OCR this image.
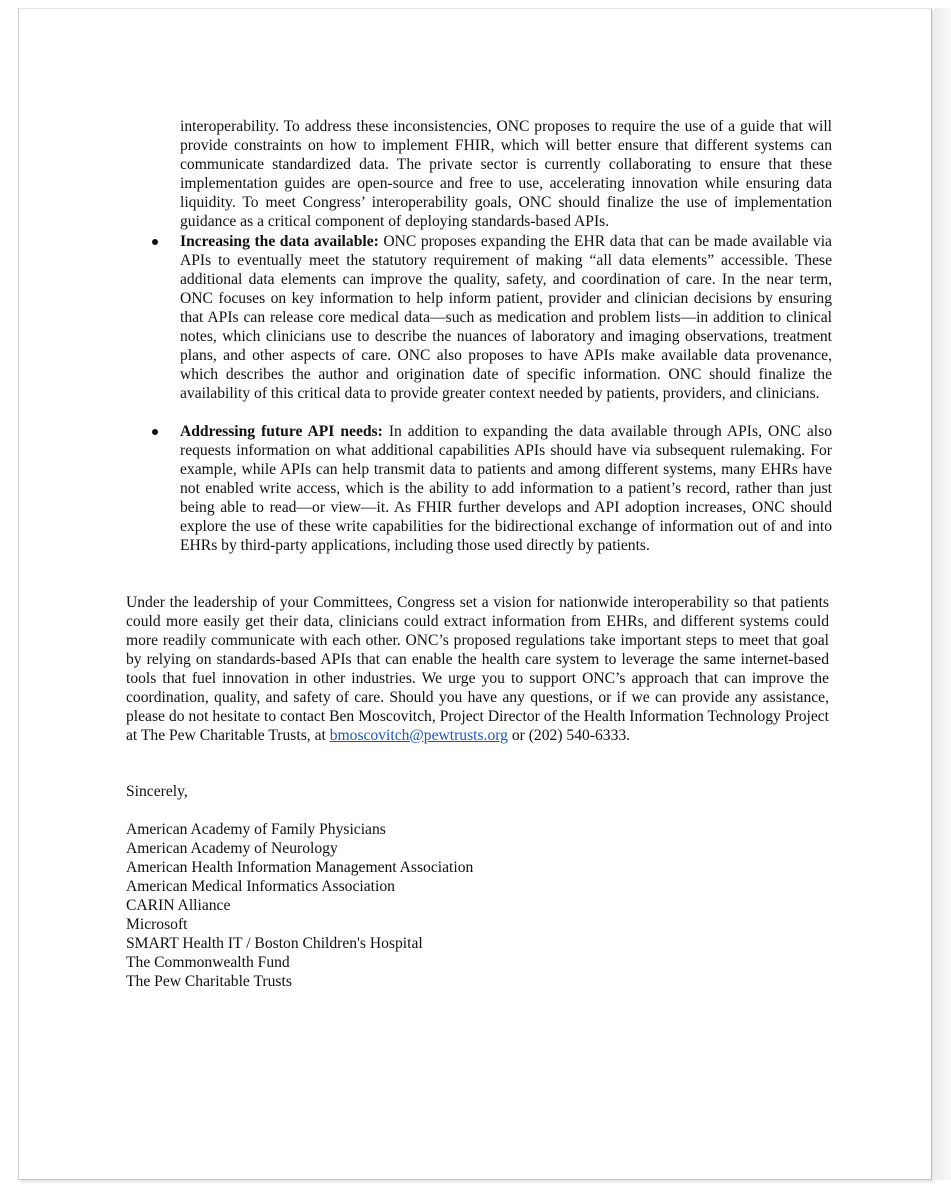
interoperability. To address these inconsistencies, ONC proposes to require the use of a guide that will provide constraints on how to implement FHIR, which will better ensure that different systems can communicate standardized data. The private sector is currently collaborating to ensure that these implementation guides are open-source and free to use, accelerating innovation while ensuring data liquidity. To meet Congress’ interoperability goals, ONC should finalize the use of implementation guidance as a critical component of deploying standards-based APIs.

Increasing the data available: ONC proposes expanding the EHR data that can be made available via APIs to eventually meet the statutory requirement of making “all data elements” accessible. These additional data elements can improve the quality, safety, and coordination of care. In the near term, ONC focuses on key information to help inform patient, provider and clinician decisions by ensuring that APIs can release core medical data—such as medication and problem lists—in addition to clinical notes, which clinicians use to describe the nuances of laboratory and imaging observations, treatment plans, and other aspects of care. ONC also proposes to have APIs make available data provenance, which describes the author and origination date of specific information. ONC should finalize the availability of this critical data to provide greater context needed by patients, providers, and clinicians.
Addressing future API needs: In addition to expanding the data available through APIs, ONC also requests information on what additional capabilities APIs should have via subsequent rulemaking. For example, while APIs can help transmit data to patients and among different systems, many EHRs have not enabled write access, which is the ability to add information to a patient’s record, rather than just being able to read—or view—it. As FHIR further develops and API adoption increases, ONC should explore the use of these write capabilities for the bidirectional exchange of information out of and into EHRs by third-party applications, including those used directly by patients.

Under the leadership of your Committees, Congress set a vision for nationwide interoperability so that patients could more easily get their data, clinicians could extract information from EHRs, and different systems could more readily communicate with each other. ONC’s proposed regulations take important steps to meet that goal by relying on standards-based APIs that can enable the health care system to leverage the same internet-based tools that fuel innovation in other industries. We urge you to support ONC’s approach that can improve the coordination, quality, and safety of care. Should you have any questions, or if we can provide any assistance, please do not hesitate to contact Ben Moscovitch, Project Director of the Health Information Technology Project at The Pew Charitable Trusts, at bmoscovitch@pewtrusts.org or (202) 540-6333.

Sincerely,
American Academy of Family Physicians
American Academy of Neurology
American Health Information Management Association
American Medical Informatics Association
CARIN Alliance
Microsoft
SMART Health IT / Boston Children's Hospital
The Commonwealth Fund
The Pew Charitable Trusts
